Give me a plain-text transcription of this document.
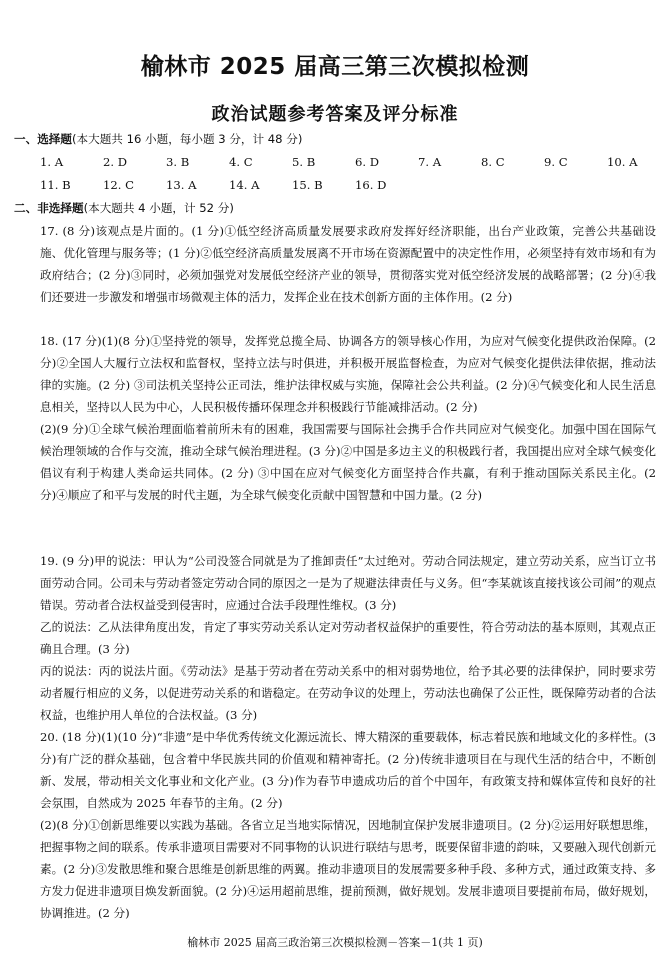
榆林市 2025 届高三第三次模拟检测
政治试题参考答案及评分标准
一、选择题(本大题共 16 小题，每小题 3 分，计 48 分)
1. A	2. D	3. B	4. C	5. B	6. D	7. A	8. C	9. C	10. A
11. B	12. C	13. A	14. A	15. B	16. D
二、非选择题(本大题共 4 小题，计 52 分)

17. (8 分)该观点是片面的。(1 分)①低空经济高质量发展要求政府发挥好经济职能，出台产业政策，完善公共基础设施、优化管理与服务等；(1 分)②低空经济高质量发展离不开市场在资源配置中的决定性作用，必须坚持有效市场和有为政府结合；(2 分)③同时，必须加强党对发展低空经济产业的领导，贯彻落实党对低空经济发展的战略部署；(2 分)④我们还要进一步激发和增强市场微观主体的活力，发挥企业在技术创新方面的主体作用。(2 分)

18. (17 分)(1)(8 分)①坚持党的领导，发挥党总揽全局、协调各方的领导核心作用，为应对气候变化提供政治保障。(2 分)②全国人大履行立法权和监督权，坚持立法与时俱进，并积极开展监督检查，为应对气候变化提供法律依据，推动法律的实施。(2 分) ③司法机关坚持公正司法，维护法律权威与实施，保障社会公共利益。(2 分)④气候变化和人民生活息息相关，坚持以人民为中心，人民积极传播环保理念并积极践行节能减排活动。(2 分)

(2)(9 分)①全球气候治理面临着前所未有的困难，我国需要与国际社会携手合作共同应对气候变化。加强中国在国际气候治理领域的合作与交流，推动全球气候治理进程。(3 分)②中国是多边主义的积极践行者，我国提出应对全球气候变化倡议有利于构建人类命运共同体。(2 分) ③中国在应对气候变化方面坚持合作共赢，有利于推动国际关系民主化。(2 分)④顺应了和平与发展的时代主题，为全球气候变化贡献中国智慧和中国力量。(2 分)

19. (9 分)甲的说法：甲认为“公司没签合同就是为了推卸责任”太过绝对。劳动合同法规定，建立劳动关系，应当订立书面劳动合同。公司未与劳动者签定劳动合同的原因之一是为了规避法律责任与义务。但“李某就该直接找该公司闹”的观点错误。劳动者合法权益受到侵害时，应通过合法手段理性维权。(3 分)

乙的说法：乙从法律角度出发，肯定了事实劳动关系认定对劳动者权益保护的重要性，符合劳动法的基本原则，其观点正确且合理。(3 分)

丙的说法：丙的说法片面。《劳动法》是基于劳动者在劳动关系中的相对弱势地位，给予其必要的法律保护，同时要求劳动者履行相应的义务，以促进劳动关系的和谐稳定。在劳动争议的处理上，劳动法也确保了公正性，既保障劳动者的合法权益，也维护用人单位的合法权益。(3 分)

20. (18 分)(1)(10 分)“非遗”是中华优秀传统文化源远流长、博大精深的重要载体，标志着民族和地域文化的多样性。(3 分)有广泛的群众基础，包含着中华民族共同的价值观和精神寄托。(2 分)传统非遗项目在与现代生活的结合中，不断创新、发展，带动相关文化事业和文化产业。(3 分)作为春节申遗成功后的首个中国年，有政策支持和媒体宣传和良好的社会氛围，自然成为 2025 年春节的主角。(2 分)

(2)(8 分)①创新思维要以实践为基础。各省立足当地实际情况，因地制宜保护发展非遗项目。(2 分)②运用好联想思维，把握事物之间的联系。传承非遗项目需要对不同事物的认识进行联结与思考，既要保留非遗的韵味，又要融入现代创新元素。(2 分)③发散思维和聚合思维是创新思维的两翼。推动非遗项目的发展需要多种手段、多种方式，通过政策支持、多方发力促进非遗项目焕发新面貌。(2 分)④运用超前思维，提前预测，做好规划。发展非遗项目要提前布局，做好规划，协调推进。(2 分)

榆林市 2025 届高三政治第三次模拟检测－答案－1(共 1 页)
